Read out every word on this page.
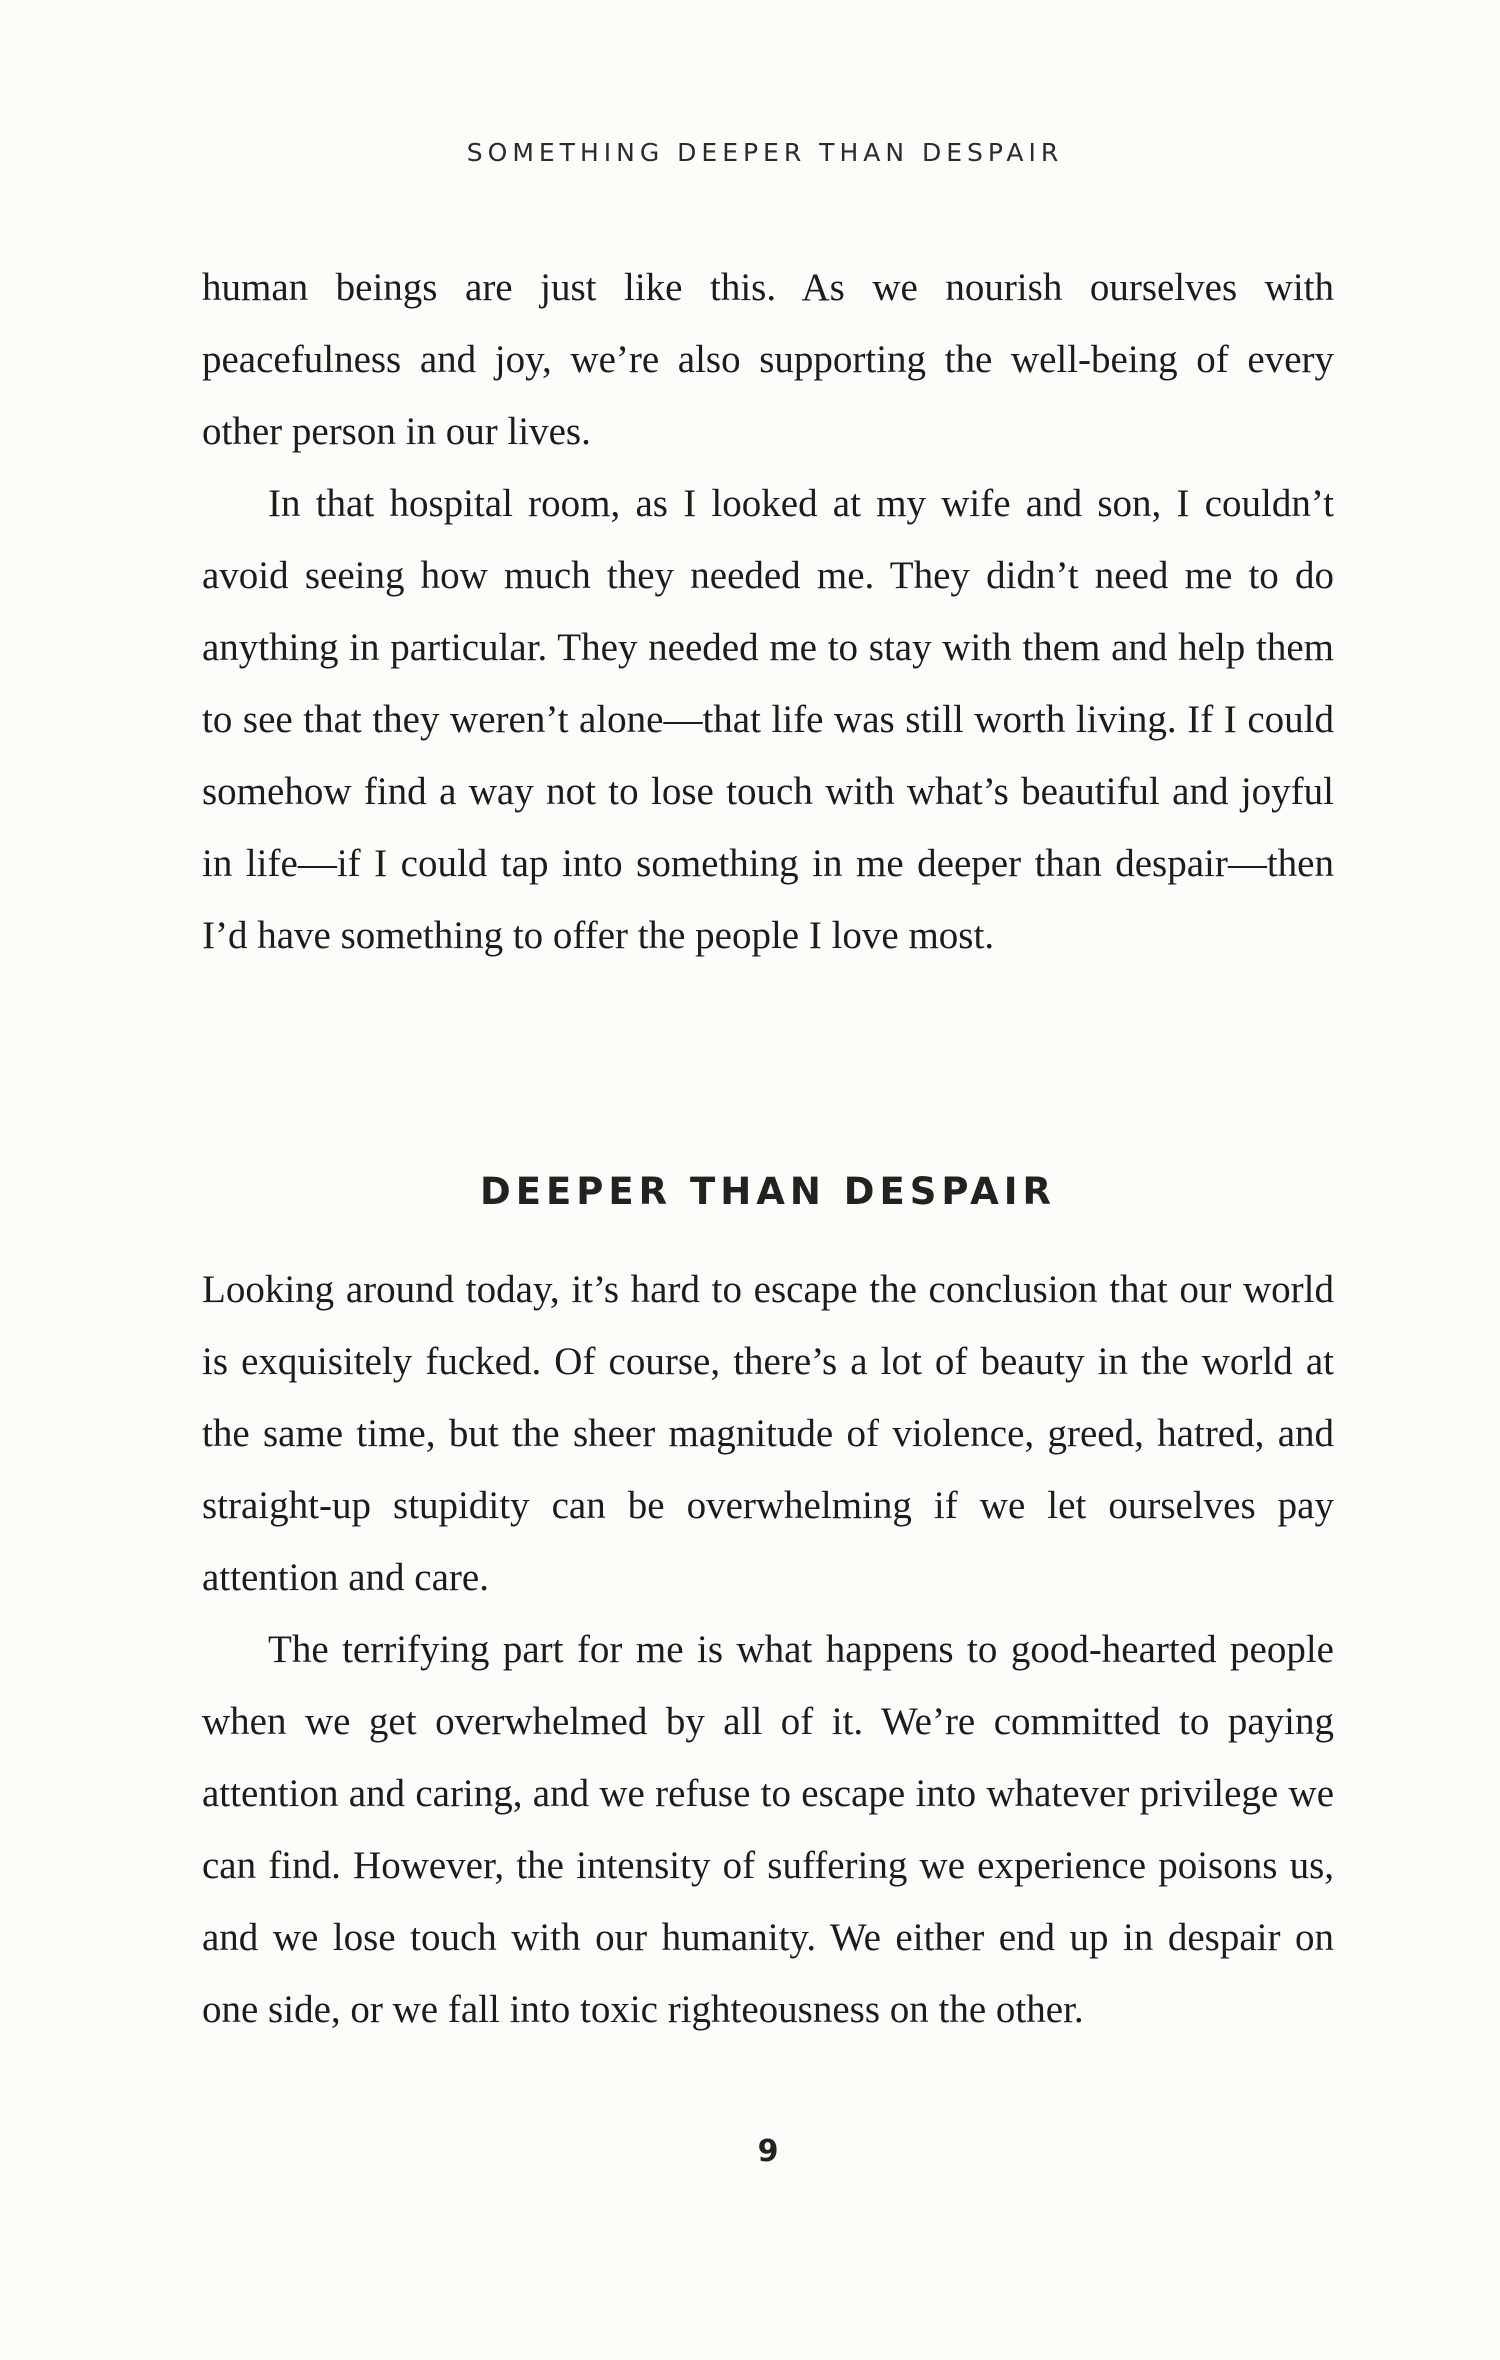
SOMETHING DEEPER THAN DESPAIR

human beings are just like this. As we nourish ourselves with peacefulness and joy, we’re also supporting the well-being of every other person in our lives.

In that hospital room, as I looked at my wife and son, I couldn’t avoid seeing how much they needed me. They didn’t need me to do anything in particular. They needed me to stay with them and help them to see that they weren’t alone—that life was still worth living. If I could somehow find a way not to lose touch with what’s beautiful and joyful in life—if I could tap into something in me deeper than despair—then I’d have something to offer the people I love most.

DEEPER THAN DESPAIR

Looking around today, it’s hard to escape the conclusion that our world is exquisitely fucked. Of course, there’s a lot of beauty in the world at the same time, but the sheer magnitude of violence, greed, hatred, and straight-up stupidity can be overwhelming if we let ourselves pay attention and care.

The terrifying part for me is what happens to good-hearted people when we get overwhelmed by all of it. We’re committed to paying attention and caring, and we refuse to escape into whatever privilege we can find. However, the intensity of suffering we experience poisons us, and we lose touch with our humanity. We either end up in despair on one side, or we fall into toxic righteousness on the other.

9
